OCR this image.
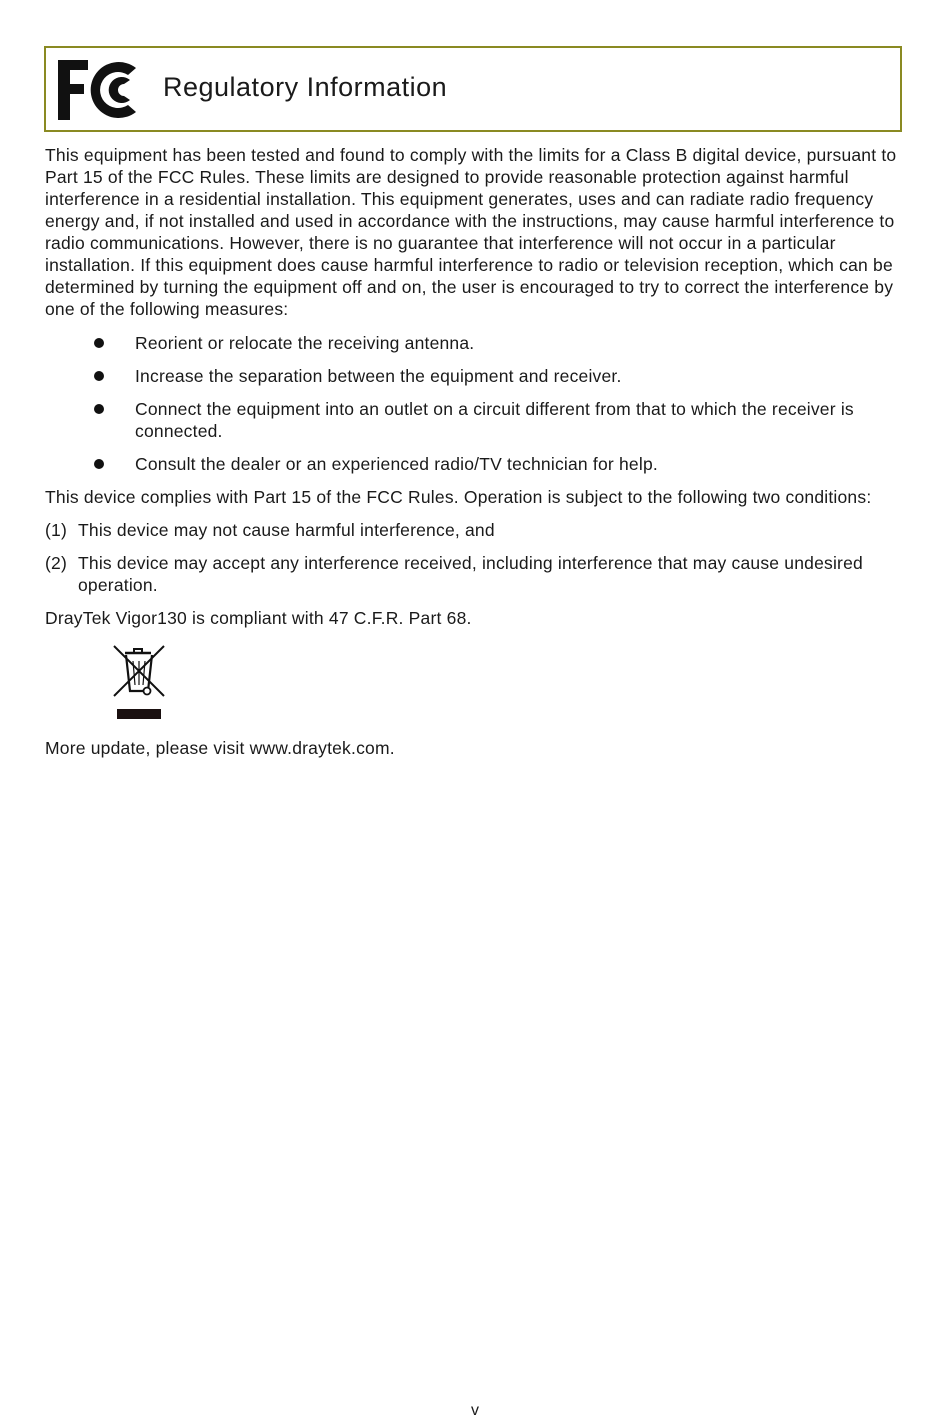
Regulatory Information

This equipment has been tested and found to comply with the limits for a Class B digital device, pursuant to Part 15 of the FCC Rules. These limits are designed to provide reasonable protection against harmful interference in a residential installation. This equipment generates, uses and can radiate radio frequency energy and, if not installed and used in accordance with the instructions, may cause harmful interference to radio communications. However, there is no guarantee that interference will not occur in a particular installation. If this equipment does cause harmful interference to radio or television reception, which can be determined by turning the equipment off and on, the user is encouraged to try to correct the interference by one of the following measures:

Reorient or relocate the receiving antenna.
Increase the separation between the equipment and receiver.
Connect the equipment into an outlet on a circuit different from that to which the receiver is connected.
Consult the dealer or an experienced radio/TV technician for help.

This device complies with Part 15 of the FCC Rules. Operation is subject to the following two conditions:

(1) This device may not cause harmful interference, and
(2) This device may accept any interference received, including interference that may cause undesired operation.

DrayTek Vigor130 is compliant with 47 C.F.R. Part 68.

More update, please visit www.draytek.com.

v
